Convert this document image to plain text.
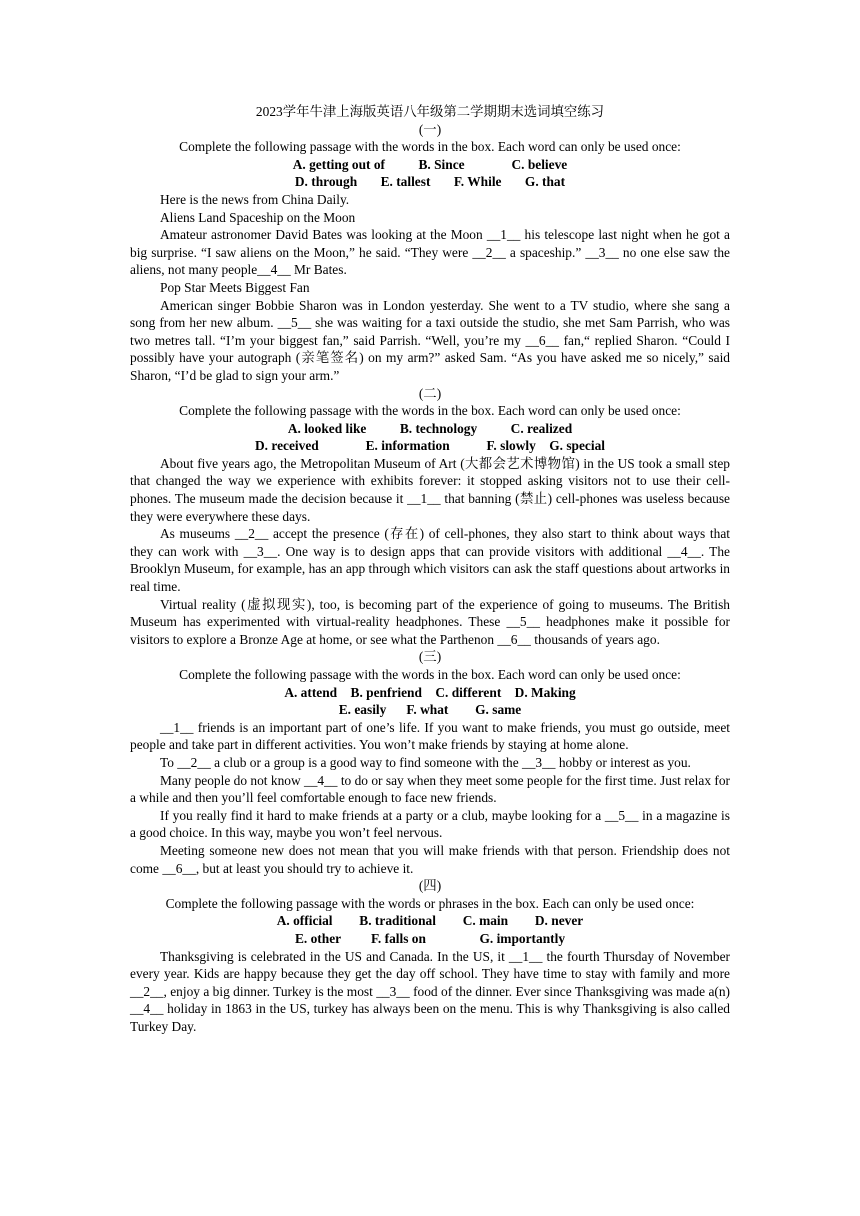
2023学年牛津上海版英语八年级第二学期期末选词填空练习
(一)
Complete the following passage with the words in the box. Each word can only be used once:
A. getting out of          B. Since              C. believe
D. through       E. tallest       F. While       G. that

Here is the news from China Daily.

Aliens Land Spaceship on the Moon

Amateur astronomer David Bates was looking at the Moon __1__ his telescope last night when he got a big surprise. “I saw aliens on the Moon,” he said. “They were __2__ a spaceship.” __3__ no one else saw the aliens, not many people__4__ Mr Bates.

Pop Star Meets Biggest Fan

American singer Bobbie Sharon was in London yesterday. She went to a TV studio, where she sang a song from her new album. __5__ she was waiting for a taxi outside the studio, she met Sam Parrish, who was two metres tall. “I’m your biggest fan,” said Parrish. “Well, you’re my __6__ fan,“ replied Sharon. “Could I possibly have your autograph (亲笔签名) on my arm?” asked Sam. “As you have asked me so nicely,” said Sharon, “I’d be glad to sign your arm.”

(二)
Complete the following passage with the words in the box. Each word can only be used once:
A. looked like          B. technology          C. realized
D. received              E. information           F. slowly    G. special

About five years ago, the Metropolitan Museum of Art (大都会艺术博物馆) in the US took a small step that changed the way we experience with exhibits forever: it stopped asking visitors not to use their cell-phones. The museum made the decision because it __1__ that banning (禁止) cell-phones was useless because they were everywhere these days.

As museums __2__ accept the presence (存在) of cell-phones, they also start to think about ways that they can work with __3__. One way is to design apps that can provide visitors with additional __4__. The Brooklyn Museum, for example, has an app through which visitors can ask the staff questions about artworks in real time.

Virtual reality (虚拟现实), too, is becoming part of the experience of going to museums. The British Museum has experimented with virtual-reality headphones. These __5__ headphones make it possible for visitors to explore a Bronze Age at home, or see what the Parthenon __6__ thousands of years ago.

(三)
Complete the following passage with the words in the box. Each word can only be used once:
A. attend    B. penfriend    C. different    D. Making
E. easily      F. what        G. same

__1__ friends is an important part of one’s life. If you want to make friends, you must go outside, meet people and take part in different activities. You won’t make friends by staying at home alone.

To __2__ a club or a group is a good way to find someone with the __3__ hobby or interest as you.

Many people do not know __4__ to do or say when they meet some people for the first time. Just relax for a while and then you’ll feel comfortable enough to face new friends.

If you really find it hard to make friends at a party or a club, maybe looking for a __5__ in a magazine is a good choice. In this way, maybe you won’t feel nervous.

Meeting someone new does not mean that you will make friends with that person. Friendship does not come __6__, but at least you should try to achieve it.

(四)
Complete the following passage with the words or phrases in the box. Each can only be used once:
A. official        B. traditional        C. main        D. never
E. other         F. falls on                G. importantly

Thanksgiving is celebrated in the US and Canada. In the US, it __1__ the fourth Thursday of November every year. Kids are happy because they get the day off school. They have time to stay with family and more __2__, enjoy a big dinner. Turkey is the most __3__ food of the dinner. Ever since Thanksgiving was made a(n) __4__ holiday in 1863 in the US, turkey has always been on the menu. This is why Thanksgiving is also called Turkey Day.
